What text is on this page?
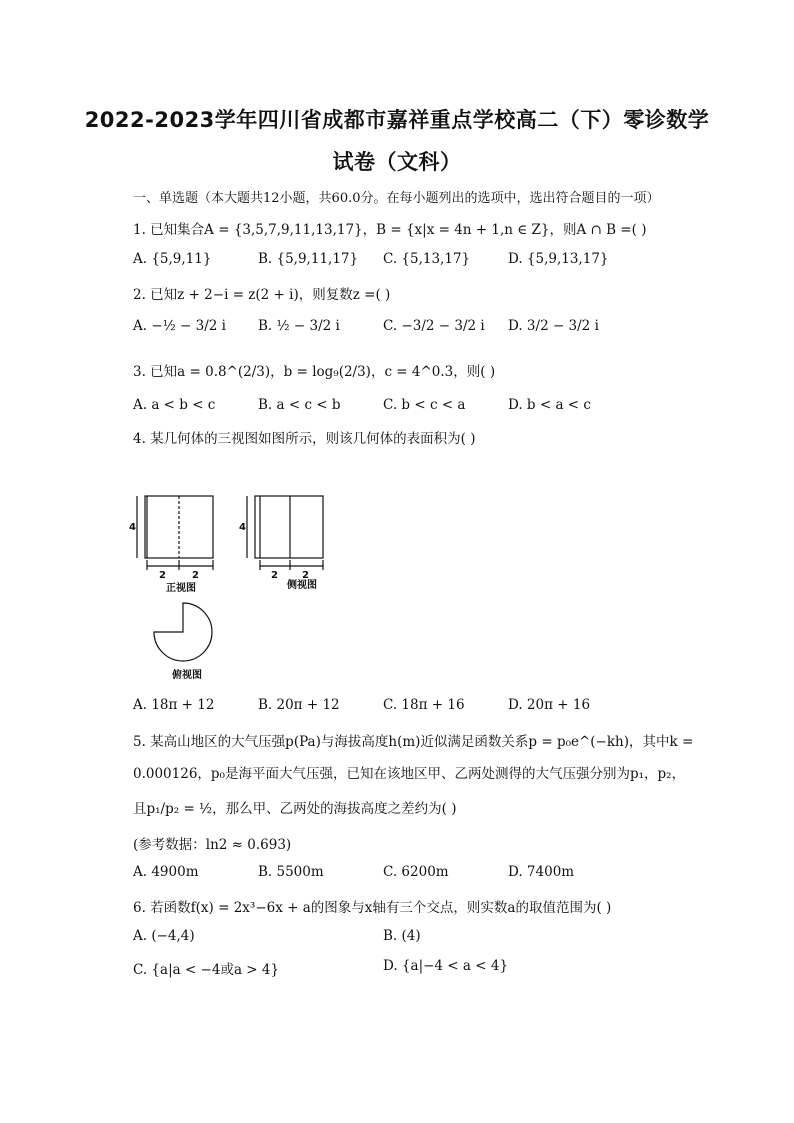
2022-2023学年四川省成都市嘉祥重点学校高二（下）零诊数学
试卷（文科）
一、单选题（本大题共12小题，共60.0分。在每小题列出的选项中，选出符合题目的一项）
1. 已知集合A = {3,5,7,9,11,13,17}，B = {x|x = 4n + 1,n ∈ Z}，则A ∩ B =( )
A. {5,9,11}	B. {5,9,11,17} C. {5,13,17}	D. {5,9,13,17}
2. 已知z + 2−i = z(2 + i)，则复数z =( )
A. −½ − 3/2 i B. ½ − 3/2 i	C. −3/2 − 3/2 i D. 3/2 − 3/2 i
3. 已知a = 0.8^(2/3)，b = log₉(2/3)，c = 4^0.3，则( )
A. a < b < c	B. a < c < b	C. b < c < a	D. b < a < c
4. 某几何体的三视图如图所示，则该几何体的表面积为( )
4
2	2
4
2 2
正视图	侧视图
俯视图
A. 18π + 12	B. 20π + 12	C. 18π + 16	D. 20π + 16
5. 某高山地区的大气压强p(Pa)与海拔高度h(m)近似满足函数关系p = p₀e^(−kh)，其中k =
0.000126，p₀是海平面大气压强，已知在该地区甲、乙两处测得的大气压强分别为p₁，p₂，
且p₁/p₂ = ½，那么甲、乙两处的海拔高度之差约为( )
(参考数据：ln2 ≈ 0.693)
A. 4900m	B. 5500m	C. 6200m	D. 7400m
6. 若函数f(x) = 2x³−6x + a的图象与x轴有三个交点，则实数a的取值范围为( )
A. (−4,4)	B. (4)
C. {a|a < −4或a > 4}	D. {a|−4 < a < 4}
